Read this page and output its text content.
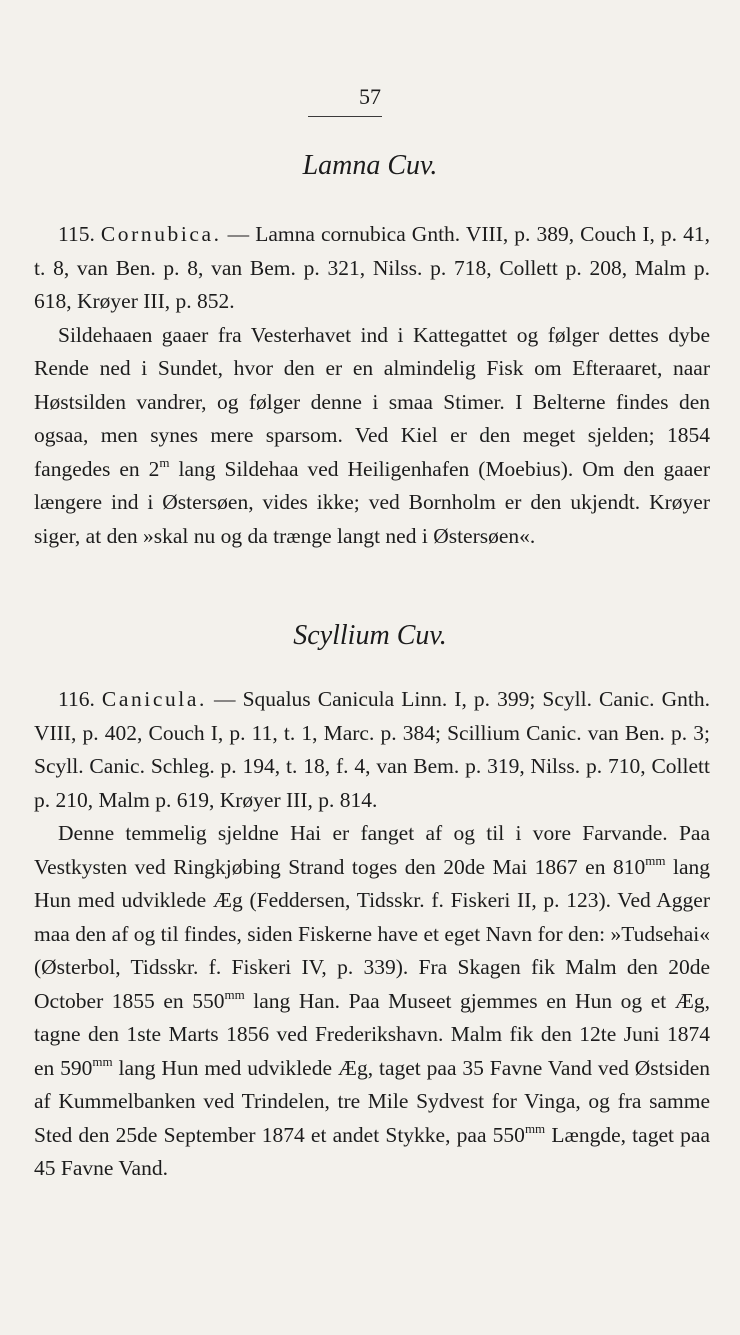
57
Lamna Cuv.

115. Cornubica. — Lamna cornubica Gnth. VIII, p. 389, Couch I, p. 41, t. 8, van Ben. p. 8, van Bem. p. 321, Nilss. p. 718, Collett p. 208, Malm p. 618, Krøyer III, p. 852.

Sildehaaen gaaer fra Vesterhavet ind i Kattegattet og følger dettes dybe Rende ned i Sundet, hvor den er en almindelig Fisk om Efteraaret, naar Høstsilden vandrer, og følger denne i smaa Stimer. I Belterne findes den ogsaa, men synes mere sparsom. Ved Kiel er den meget sjelden; 1854 fangedes en 2$^m$ lang Sildehaa ved Heiligenhafen (Moebius). Om den gaaer længere ind i Østersøen, vides ikke; ved Bornholm er den ukjendt. Krøyer siger, at den »skal nu og da trænge langt ned i Østersøen«.

Scyllium Cuv.

116. Canicula. — Squalus Canicula Linn. I, p. 399; Scyll. Canic. Gnth. VIII, p. 402, Couch I, p. 11, t. 1, Marc. p. 384; Scillium Canic. van Ben. p. 3; Scyll. Canic. Schleg. p. 194, t. 18, f. 4, van Bem. p. 319, Nilss. p. 710, Collett p. 210, Malm p. 619, Krøyer III, p. 814.

Denne temmelig sjeldne Hai er fanget af og til i vore Farvande. Paa Vestkysten ved Ringkjøbing Strand toges den 20de Mai 1867 en $810^{mm}$ lang Hun med udviklede Æg (Feddersen, Tidsskr. f. Fiskeri II, p. 123). Ved Agger maa den af og til findes, siden Fiskerne have et eget Navn for den: »Tudsehai« (Østerbol, Tidsskr. f. Fiskeri IV, p. 339). Fra Skagen fik Malm den 20de October 1855 en $550^{mm}$ lang Han. Paa Museet gjemmes en Hun og et Æg, tagne den 1ste Marts 1856 ved Frederikshavn. Malm fik den 12te Juni 1874 en $590^{mm}$ lang Hun med udviklede Æg, taget paa 35 Favne Vand ved Østsiden af Kummelbanken ved Trindelen, tre Mile Sydvest for Vinga, og fra samme Sted den 25de September 1874 et andet Stykke, paa $550^{mm}$ Længde, taget paa 45 Favne Vand.
